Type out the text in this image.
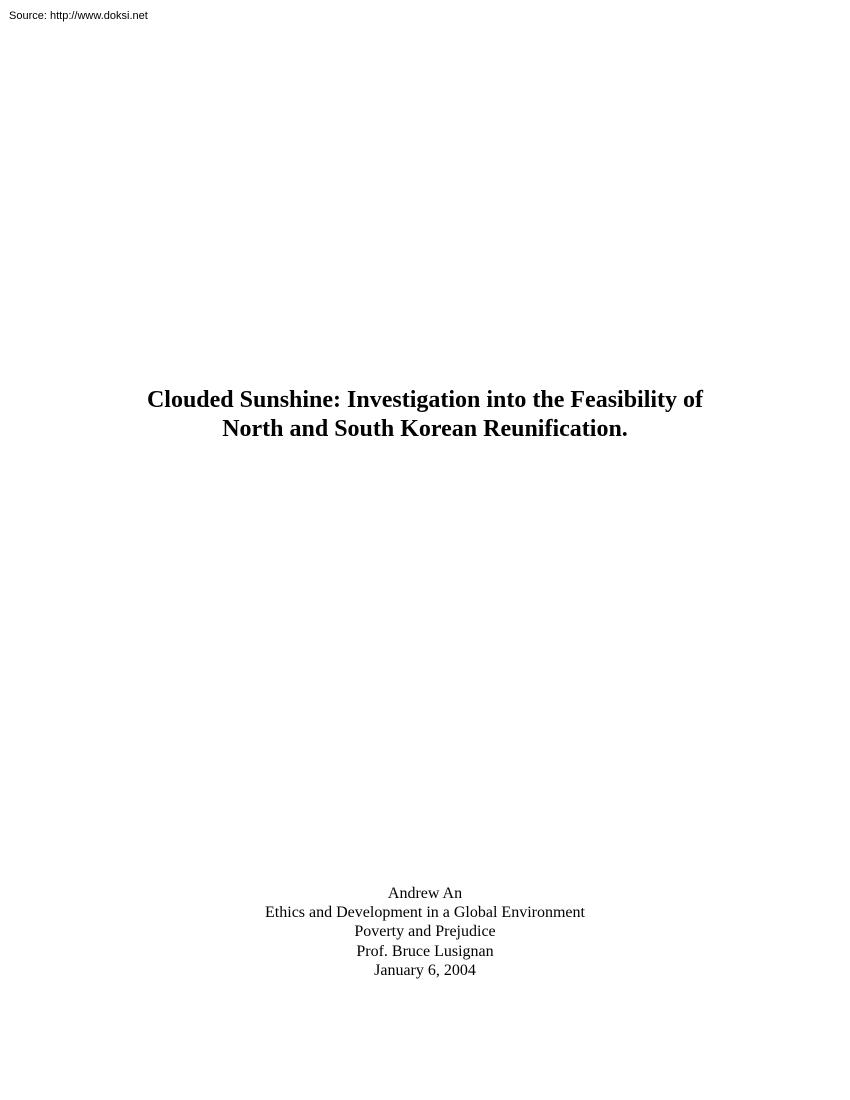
Source: http://www.doksi.net
Clouded Sunshine: Investigation into the Feasibility of
North and South Korean Reunification.
Andrew An
Ethics and Development in a Global Environment
Poverty and Prejudice
Prof. Bruce Lusignan
January 6, 2004
